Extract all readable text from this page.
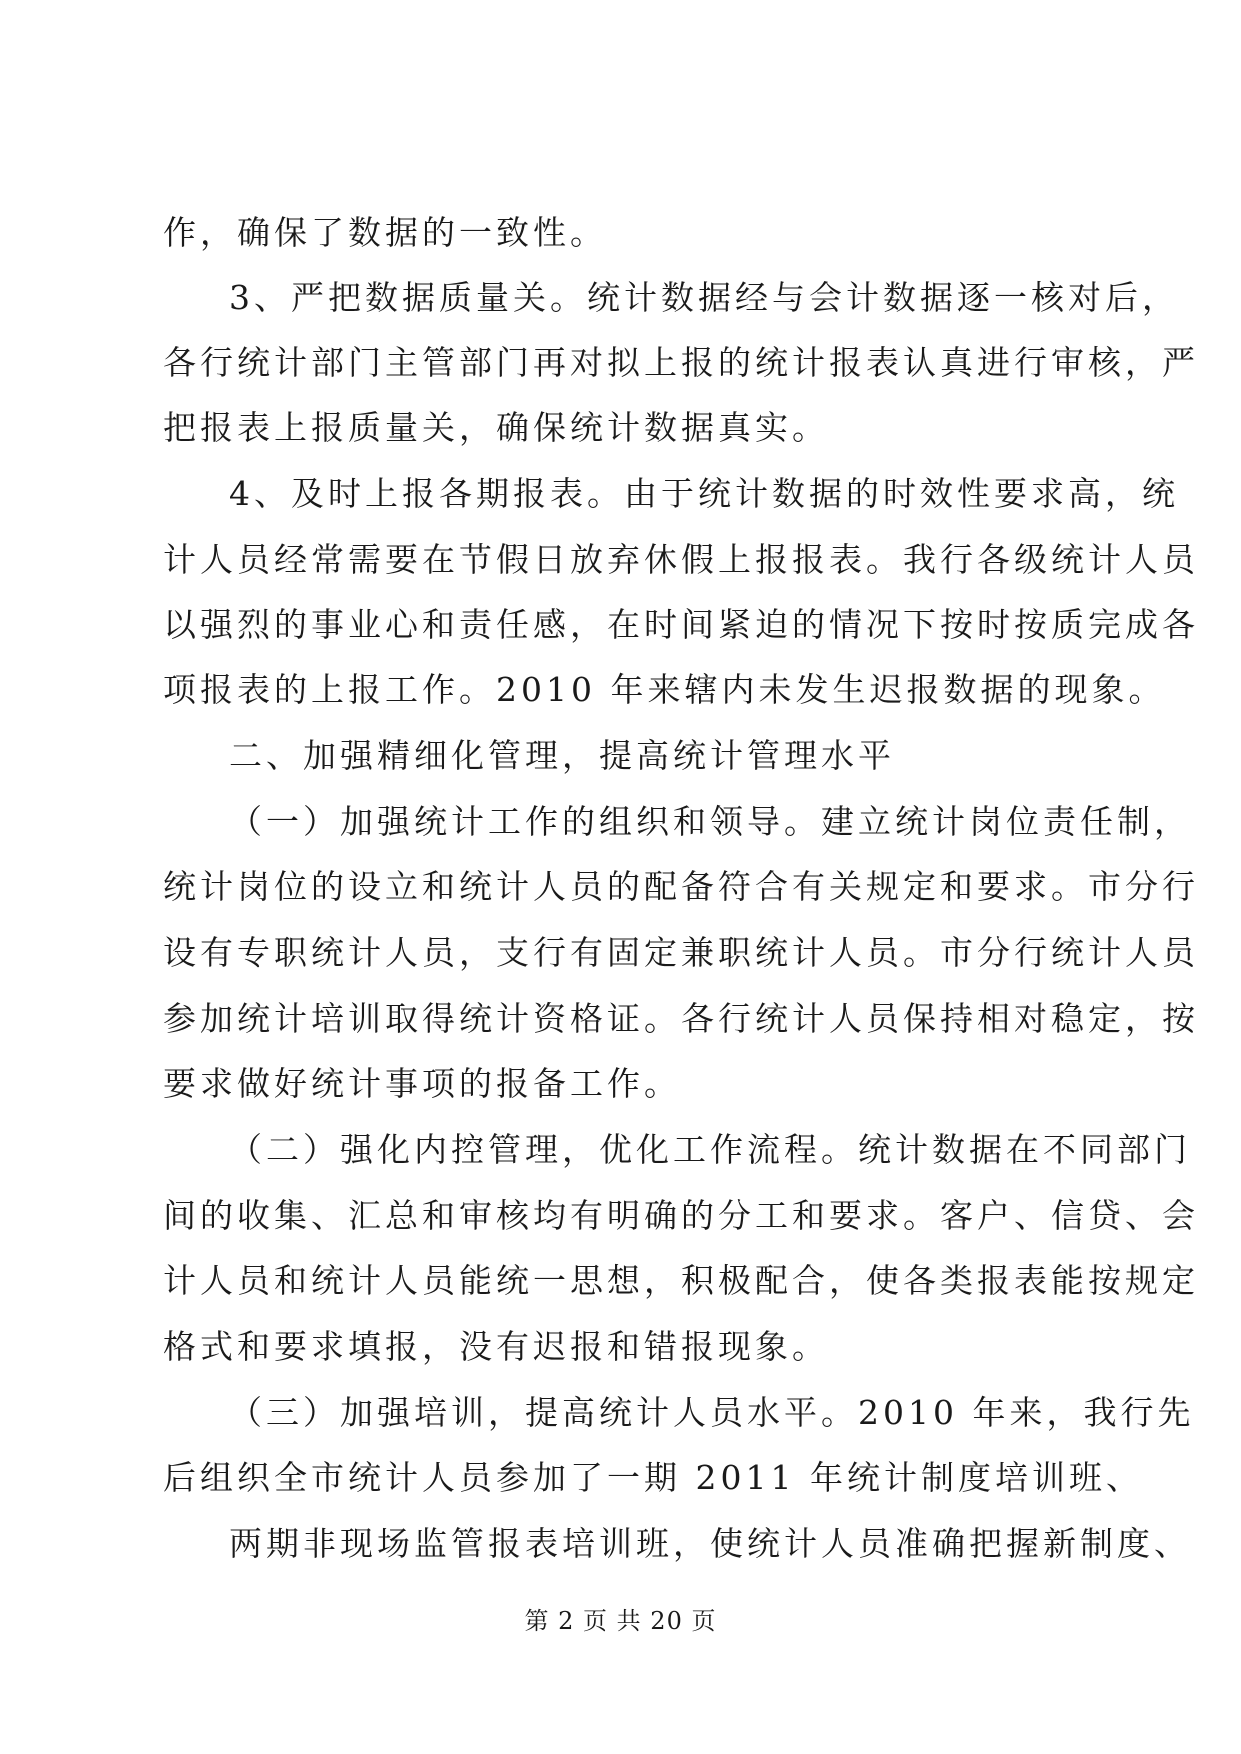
作，确保了数据的一致性。
3、严把数据质量关。统计数据经与会计数据逐一核对后，
各行统计部门主管部门再对拟上报的统计报表认真进行审核，严
把报表上报质量关，确保统计数据真实。
4、及时上报各期报表。由于统计数据的时效性要求高，统
计人员经常需要在节假日放弃休假上报报表。我行各级统计人员
以强烈的事业心和责任感，在时间紧迫的情况下按时按质完成各
项报表的上报工作。2010 年来辖内未发生迟报数据的现象。
二、加强精细化管理，提高统计管理水平
（一）加强统计工作的组织和领导。建立统计岗位责任制，
统计岗位的设立和统计人员的配备符合有关规定和要求。市分行
设有专职统计人员，支行有固定兼职统计人员。市分行统计人员
参加统计培训取得统计资格证。各行统计人员保持相对稳定，按
要求做好统计事项的报备工作。
（二）强化内控管理，优化工作流程。统计数据在不同部门
间的收集、汇总和审核均有明确的分工和要求。客户、信贷、会
计人员和统计人员能统一思想，积极配合，使各类报表能按规定
格式和要求填报，没有迟报和错报现象。
（三）加强培训，提高统计人员水平。2010 年来，我行先
后组织全市统计人员参加了一期 2011 年统计制度培训班、
两期非现场监管报表培训班，使统计人员准确把握新制度、
第 2 页 共 20 页
